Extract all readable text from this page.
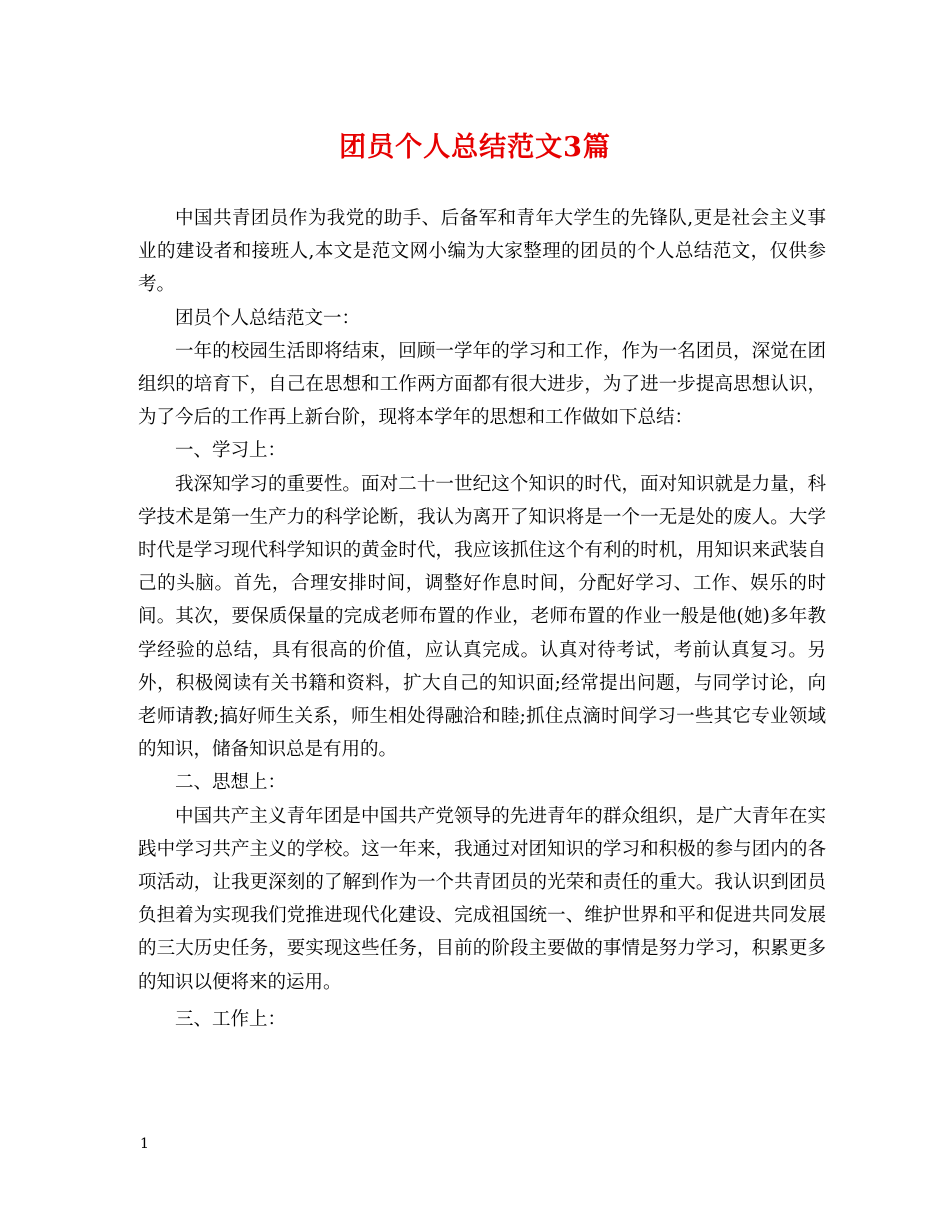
团员个人总结范文3篇

中国共青团员作为我党的助手、后备军和青年大学生的先锋队,更是社会主义事业的建设者和接班人,本文是范文网小编为大家整理的团员的个人总结范文，仅供参考。

团员个人总结范文一：

一年的校园生活即将结束，回顾一学年的学习和工作，作为一名团员，深觉在团组织的培育下，自己在思想和工作两方面都有很大进步，为了进一步提高思想认识，为了今后的工作再上新台阶，现将本学年的思想和工作做如下总结：

一、学习上：

我深知学习的重要性。面对二十一世纪这个知识的时代，面对知识就是力量，科学技术是第一生产力的科学论断，我认为离开了知识将是一个一无是处的废人。大学时代是学习现代科学知识的黄金时代，我应该抓住这个有利的时机，用知识来武装自己的头脑。首先，合理安排时间，调整好作息时间，分配好学习、工作、娱乐的时间。其次，要保质保量的完成老师布置的作业，老师布置的作业一般是他(她)多年教学经验的总结，具有很高的价值，应认真完成。认真对待考试，考前认真复习。另外，积极阅读有关书籍和资料，扩大自己的知识面;经常提出问题，与同学讨论，向老师请教;搞好师生关系，师生相处得融洽和睦;抓住点滴时间学习一些其它专业领域的知识，储备知识总是有用的。

二、思想上：

中国共产主义青年团是中国共产党领导的先进青年的群众组织，是广大青年在实践中学习共产主义的学校。这一年来，我通过对团知识的学习和积极的参与团内的各项活动，让我更深刻的了解到作为一个共青团员的光荣和责任的重大。我认识到团员负担着为实现我们党推进现代化建设、完成祖国统一、维护世界和平和促进共同发展的三大历史任务，要实现这些任务，目前的阶段主要做的事情是努力学习，积累更多的知识以便将来的运用。

三、工作上：

1
